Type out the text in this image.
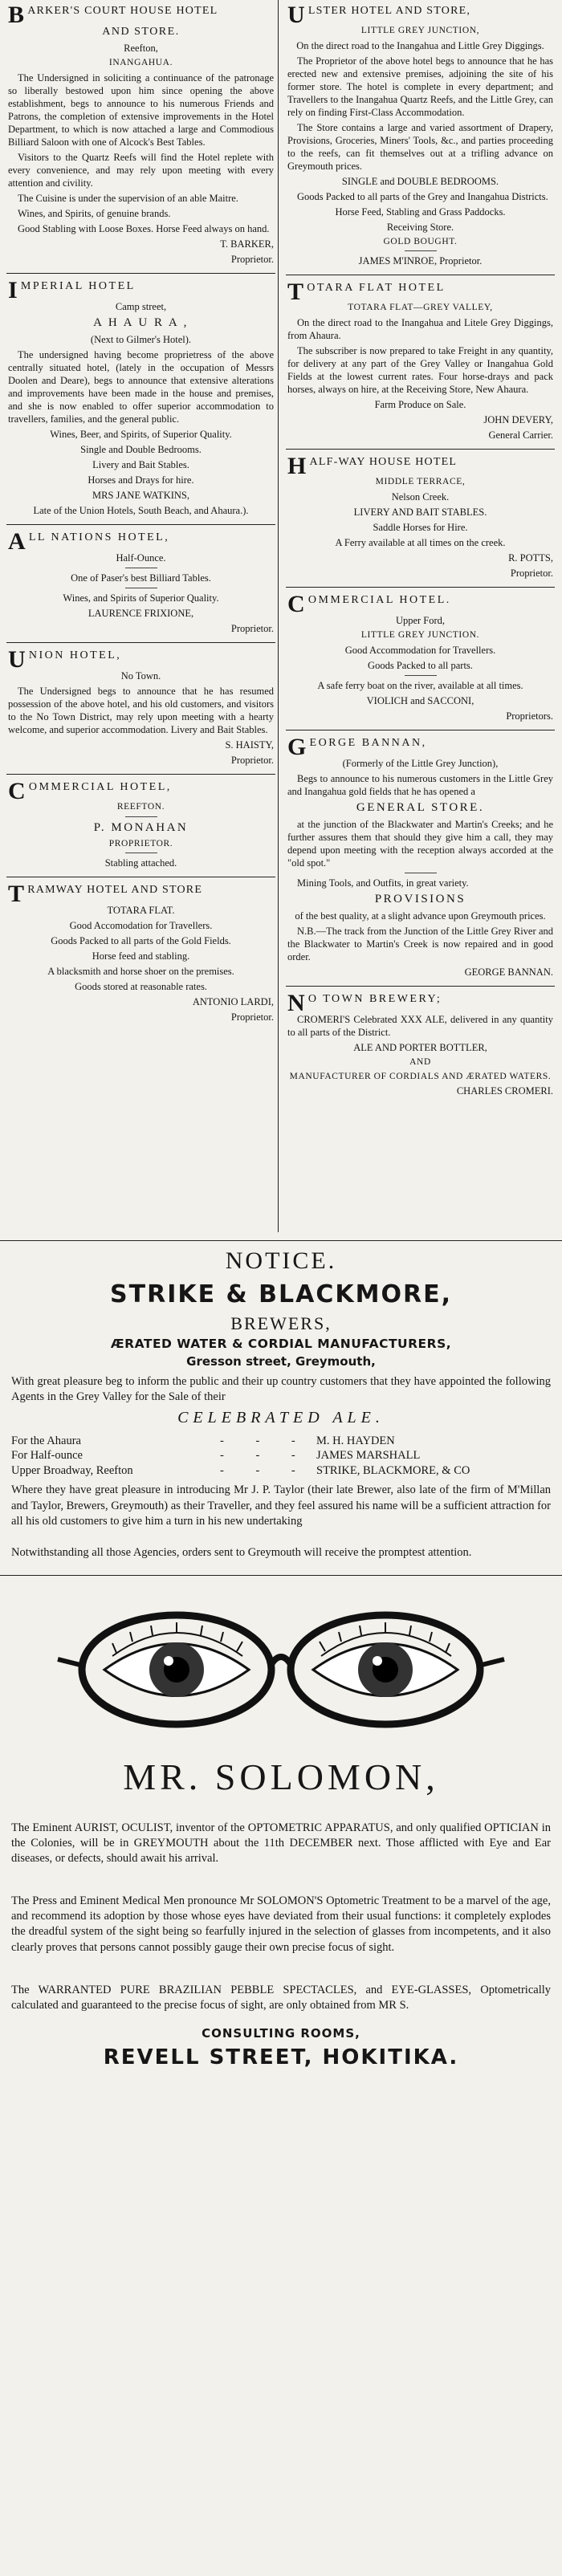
BARKER'S COURT HOUSE HOTEL

AND STORE.

Reefton,

INANGAHUA.

The Undersigned in soliciting a continuance of the patronage so liberally bestowed upon him since opening the above establishment, begs to announce to his numerous Friends and Patrons, the completion of extensive improvements in the Hotel Department, to which is now attached a large and Commodious Billiard Saloon with one of Alcock's Best Tables.

Visitors to the Quartz Reefs will find the Hotel replete with every convenience, and may rely upon meeting with every attention and civility.

The Cuisine is under the supervision of an able Maitre.

Wines, and Spirits, of genuine brands.

Good Stabling with Loose Boxes. Horse Feed always on hand.

T. BARKER,

Proprietor.

IMPERIAL HOTEL

Camp street,

A H A U R A ,

(Next to Gilmer's Hotel).

The undersigned having become proprietress of the above centrally situated hotel, (lately in the occupation of Messrs Doolen and Deare), begs to announce that extensive alterations and improvements have been made in the house and premises, and she is now enabled to offer superior accommodation to travellers, families, and the general public.

Wines, Beer, and Spirits, of Superior Quality.

Single and Double Bedrooms.

Livery and Bait Stables.

Horses and Drays for hire.

MRS JANE WATKINS,

Late of the Union Hotels, South Beach, and Ahaura.).

ALL NATIONS HOTEL,

Half-Ounce.

One of Paser's best Billiard Tables.

Wines, and Spirits of Superior Quality.

LAURENCE FRIXIONE,

Proprietor.

UNION HOTEL,

No Town.

The Undersigned begs to announce that he has resumed possession of the above hotel, and his old customers, and visitors to the No Town District, may rely upon meeting with a hearty welcome, and superior accommodation. Livery and Bait Stables.

S. HAISTY,

Proprietor.

COMMERCIAL HOTEL,

REEFTON.

P. MONAHAN

PROPRIETOR.

Stabling attached.

TRAMWAY HOTEL AND STORE

TOTARA FLAT.

Good Accomodation for Travellers.

Goods Packed to all parts of the Gold Fields.

Horse feed and stabling.

A blacksmith and horse shoer on the premises.

Goods stored at reasonable rates.

ANTONIO LARDI,

Proprietor.

ULSTER HOTEL AND STORE,

LITTLE GREY JUNCTION,

On the direct road to the Inangahua and Little Grey Diggings.

The Proprietor of the above hotel begs to announce that he has erected new and extensive premises, adjoining the site of his former store. The hotel is complete in every department; and Travellers to the Inangahua Quartz Reefs, and the Little Grey, can rely on finding First-Class Accommodation.

The Store contains a large and varied assortment of Drapery, Provisions, Groceries, Miners' Tools, &c., and parties proceeding to the reefs, can fit themselves out at a trifling advance on Greymouth prices.

SINGLE and DOUBLE BEDROOMS.

Goods Packed to all parts of the Grey and Inangahua Districts.

Horse Feed, Stabling and Grass Paddocks.

Receiving Store.

GOLD BOUGHT.

JAMES M'INROE, Proprietor.

TOTARA FLAT HOTEL

TOTARA FLAT—GREY VALLEY,

On the direct road to the Inangahua and Litele Grey Diggings, from Ahaura.

The subscriber is now prepared to take Freight in any quantity, for delivery at any part of the Grey Valley or Inangahua Gold Fields at the lowest current rates. Four horse-drays and pack horses, always on hire, at the Receiving Store, New Ahaura.

Farm Produce on Sale.

JOHN DEVERY,

General Carrier.

HALF-WAY HOUSE HOTEL

MIDDLE TERRACE,

Nelson Creek.

LIVERY AND BAIT STABLES.

Saddle Horses for Hire.

A Ferry available at all times on the creek.

R. POTTS,

Proprietor.

COMMERCIAL HOTEL.

Upper Ford,

LITTLE GREY JUNCTION.

Good Accommodation for Travellers.

Goods Packed to all parts.

A safe ferry boat on the river, available at all times.

VIOLICH and SACCONI,

Proprietors.

GEORGE BANNAN,

(Formerly of the Little Grey Junction),

Begs to announce to his numerous customers in the Little Grey and Inangahua gold fields that he has opened a

GENERAL STORE.

at the junction of the Blackwater and Martin's Creeks; and he further assures them that should they give him a call, they may depend upon meeting with the reception always accorded at the "old spot."

Mining Tools, and Outfits, in great variety.

PROVISIONS

of the best quality, at a slight advance upon Greymouth prices.

N.B.—The track from the Junction of the Little Grey River and the Blackwater to Martin's Creek is now repaired and in good order.

GEORGE BANNAN.

N O TOWN BREWERY;

CROMERI'S Celebrated XXX ALE, delivered in any quantity to all parts of the District.

ALE AND PORTER BOTTLER,

AND

MANUFACTURER OF CORDIALS AND ÆRATED WATERS.

CHARLES CROMERI.

NOTICE.

STRIKE & BLACKMORE,

BREWERS,

ÆRATED WATER & CORDIAL MANUFACTURERS,

Gresson street, Greymouth,

With great pleasure beg to inform the public and their up country customers that they have appointed the following Agents in the Grey Valley for the Sale of their

CELEBRATED ALE.

For the Ahaura	- - - M. H. HAYDEN
For Half-ounce	- - - JAMES MARSHALL
Upper Broadway, Reefton	- - - STRIKE, BLACKMORE, & CO

Where they have great pleasure in introducing Mr J. P. Taylor (their late Brewer, also late of the firm of M'Millan and Taylor, Brewers, Greymouth) as their Traveller, and they feel assured his name will be a sufficient attraction for all his old customers to give him a turn in his new undertaking

Notwithstanding all those Agencies, orders sent to Greymouth will receive the promptest attention.

MR. SOLOMON,

The Eminent AURIST, OCULIST, inventor of the OPTOMETRIC APPARATUS, and only qualified OPTICIAN in the Colonies, will be in GREYMOUTH about the 11th DECEMBER next. Those afflicted with Eye and Ear diseases, or defects, should await his arrival.

The Press and Eminent Medical Men pronounce Mr SOLOMON'S Optometric Treatment to be a marvel of the age, and recommend its adoption by those whose eyes have deviated from their usual functions: it completely explodes the dreadful system of the sight being so fearfully injured in the selection of glasses from incompetents, and it also clearly proves that persons cannot possibly gauge their own precise focus of sight.

The WARRANTED PURE BRAZILIAN PEBBLE SPECTACLES, and EYE-GLASSES, Optometrically calculated and guaranteed to the precise focus of sight, are only obtained from MR S.

CONSULTING ROOMS,

REVELL STREET, HOKITIKA.
